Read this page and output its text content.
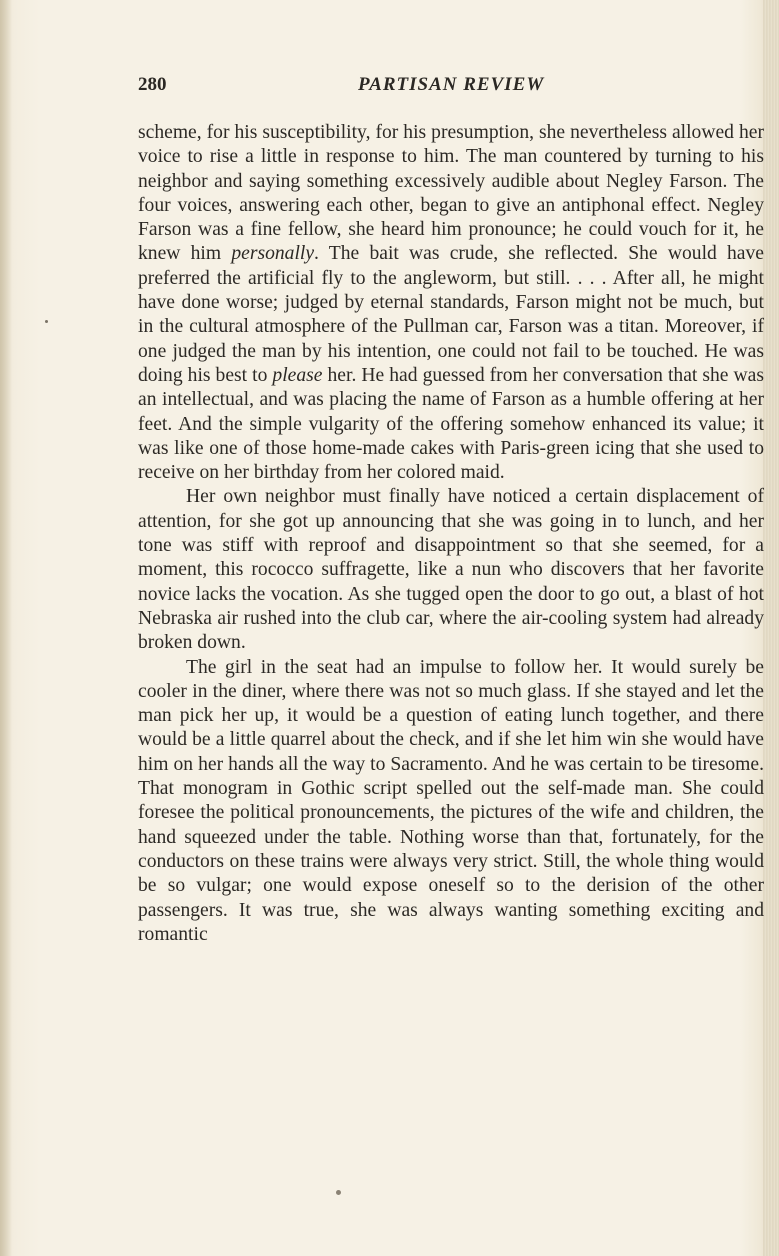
280	PARTISAN REVIEW

scheme, for his susceptibility, for his presumption, she nevertheless allowed her voice to rise a little in response to him. The man countered by turning to his neighbor and saying something excessively audible about Negley Farson. The four voices, answering each other, began to give an antiphonal effect. Negley Farson was a fine fellow, she heard him pronounce; he could vouch for it, he knew him personally. The bait was crude, she reflected. She would have preferred the artificial fly to the angleworm, but still. . . . After all, he might have done worse; judged by eternal standards, Farson might not be much, but in the cultural atmosphere of the Pullman car, Farson was a titan. Moreover, if one judged the man by his intention, one could not fail to be touched. He was doing his best to please her. He had guessed from her conversation that she was an intellectual, and was placing the name of Farson as a humble offering at her feet. And the simple vulgarity of the offering somehow enhanced its value; it was like one of those home-made cakes with Paris-green icing that she used to receive on her birthday from her colored maid.

Her own neighbor must finally have noticed a certain displacement of attention, for she got up announcing that she was going in to lunch, and her tone was stiff with reproof and disappointment so that she seemed, for a moment, this rococco suffragette, like a nun who discovers that her favorite novice lacks the vocation. As she tugged open the door to go out, a blast of hot Nebraska air rushed into the club car, where the air-cooling system had already broken down.

The girl in the seat had an impulse to follow her. It would surely be cooler in the diner, where there was not so much glass. If she stayed and let the man pick her up, it would be a question of eating lunch together, and there would be a little quarrel about the check, and if she let him win she would have him on her hands all the way to Sacramento. And he was certain to be tiresome. That monogram in Gothic script spelled out the self-made man. She could foresee the political pronouncements, the pictures of the wife and children, the hand squeezed under the table. Nothing worse than that, fortunately, for the conductors on these trains were always very strict. Still, the whole thing would be so vulgar; one would expose oneself so to the derision of the other passengers. It was true, she was always wanting something exciting and romantic
